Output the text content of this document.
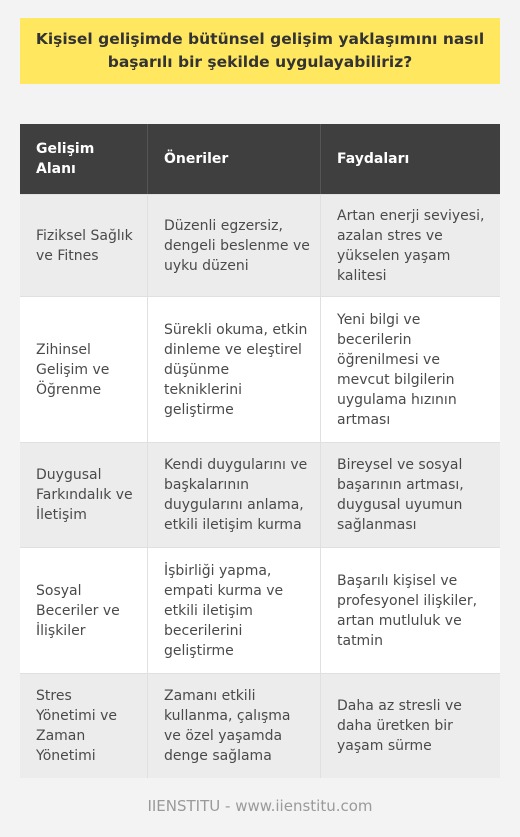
Kişisel gelişimde bütünsel gelişim yaklaşımını nasıl başarılı bir şekilde uygulayabiliriz?
Gelişim Alanı
Öneriler	Faydaları
Fiziksel Sağlık ve Fitnes
Düzenli egzersiz, dengeli beslenme ve uyku düzeni
Artan enerji seviyesi, azalan stres ve yükselen yaşam kalitesi
Zihinsel Gelişim ve Öğrenme
Sürekli okuma, etkin dinleme ve eleştirel düşünme tekniklerini geliştirme
Yeni bilgi ve becerilerin öğrenilmesi ve mevcut bilgilerin uygulama hızının artması
Duygusal Farkındalık ve İletişim
Kendi duygularını ve başkalarının duygularını anlama, etkili iletişim kurma
Bireysel ve sosyal başarının artması, duygusal uyumun sağlanması
Sosyal Beceriler ve İlişkiler
İşbirliği yapma, empati kurma ve etkili iletişim becerilerini geliştirme
Başarılı kişisel ve profesyonel ilişkiler, artan mutluluk ve tatmin
Stres Yönetimi ve Zaman Yönetimi
Zamanı etkili kullanma, çalışma ve özel yaşamda denge sağlama
Daha az stresli ve daha üretken bir yaşam sürme
IIENSTITU - www.iienstitu.com
